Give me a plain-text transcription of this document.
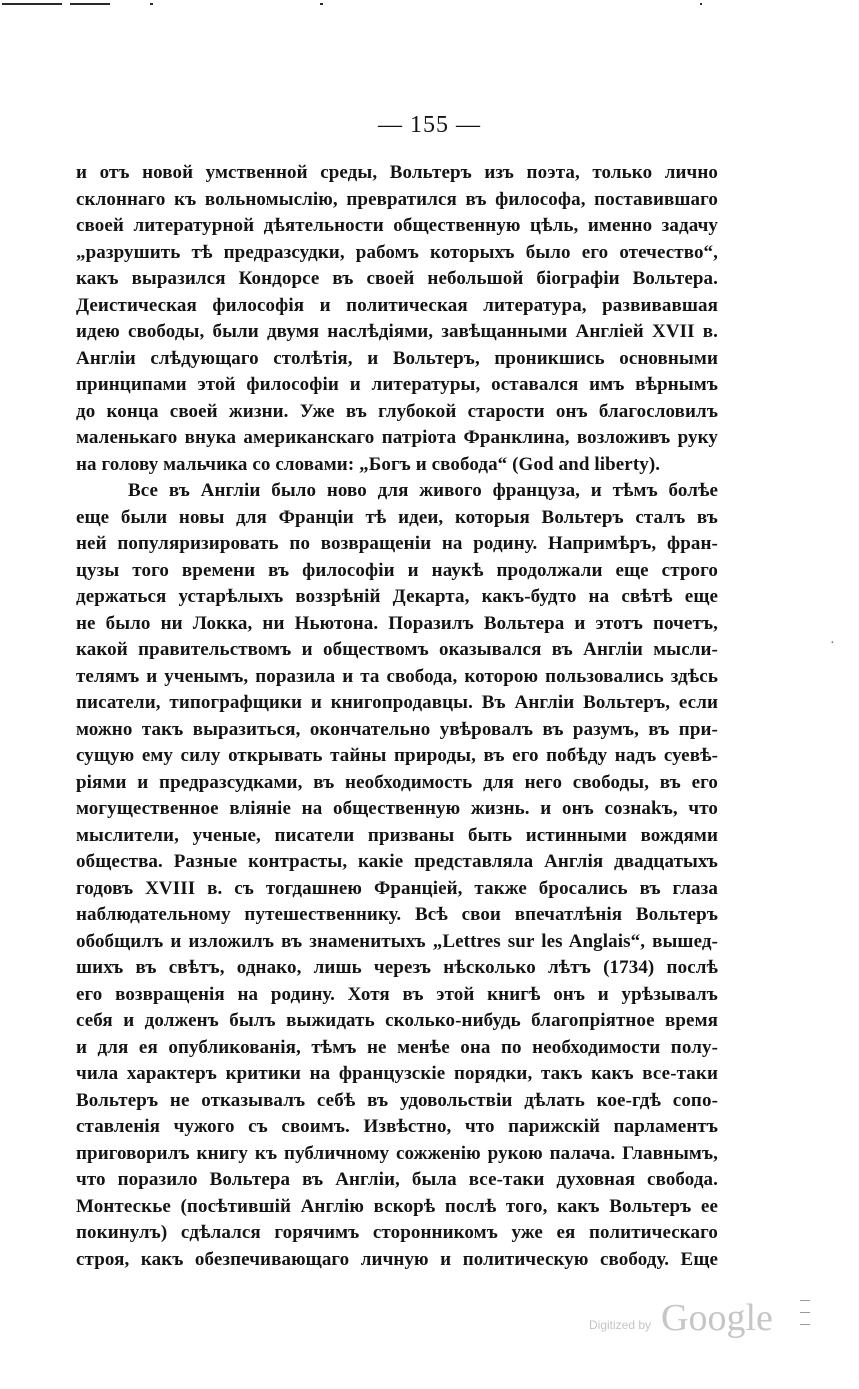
— 155 —
и отъ новой умственной среды, Вольтеръ изъ поэта, только лично
склоннаго къ вольномыслію, превратился въ философа, поставившаго
своей литературной дѣятельности общественную цѣль, именно задачу
„разрушить тѣ предразсудки, рабомъ которыхъ было его отечество“,
какъ выразился Кондорсе въ своей небольшой біографіи Вольтера.
Деистическая философія и политическая литература, развивавшая
идею свободы, были двумя наслѣдіями, завѣщанными Англіей XVII в.
Англіи слѣдующаго столѣтія, и Вольтеръ, проникшись основными
принципами этой философіи и литературы, оставался имъ вѣрнымъ
до конца своей жизни. Уже въ глубокой старости онъ благословилъ
маленькаго внука американскаго патріота Франклина, возложивъ руку
на голову мальчика со словами: „Богъ и свобода“ (God and liberty).
Все въ Англіи было ново для живого француза, и тѣмъ болѣе
еще были новы для Франціи тѣ идеи, которыя Вольтеръ сталъ въ
ней популяризировать по возвращеніи на родину. Напримѣръ, фран-
цузы того времени въ философіи и наукѣ продолжали еще строго
держаться устарѣлыхъ воззрѣній Декарта, какъ-будто на свѣтѣ еще
не было ни Локка, ни Ньютона. Поразилъ Вольтера и этотъ почетъ,
какой правительствомъ и обществомъ оказывался въ Англіи мысли-
телямъ и ученымъ, поразила и та свобода, которою пользовались здѣсь
писатели, типографщики и книгопродавцы. Въ Англіи Вольтеръ, если
можно такъ выразиться, окончательно увѣровалъ въ разумъ, въ при-
сущую ему силу открывать тайны природы, въ его побѣду надъ суевѣ-
ріями и предразсудками, въ необходимость для него свободы, въ его
могущественное вліяніе на общественную жизнь. и онъ сознаkъ, что
мыслители, ученые, писатели призваны быть истинными вождями
общества. Разные контрасты, какіе представляла Англія двадцатыхъ
годовъ XVIII в. съ тогдашнею Франціей, также бросались въ глаза
наблюдательному путешественнику. Всѣ свои впечатлѣнія Вольтеръ
обобщилъ и изложилъ въ знаменитыхъ „Lettres sur les Anglais“, вышед-
шихъ въ свѣтъ, однако, лишь черезъ нѣсколько лѣтъ (1734) послѣ
его возвращенія на родину. Хотя въ этой книгѣ онъ и урѣзывалъ
себя и долженъ былъ выжидать сколько-нибудь благопріятное время
и для ея опубликованія, тѣмъ не менѣе она по необходимости полу-
чила характеръ критики на французскіе порядки, такъ какъ все-таки
Вольтеръ не отказывалъ себѣ въ удовольствіи дѣлать кое-гдѣ сопо-
ставленія чужого съ своимъ. Извѣстно, что парижскій парламентъ
приговорилъ книгу къ публичному сожженію рукою палача. Главнымъ,
что поразило Вольтера въ Англіи, была все-таки духовная свобода.
Монтескье (посѣтившій Англію вскорѣ послѣ того, какъ Вольтеръ ее
покинулъ) сдѣлался горячимъ сторонникомъ уже ея политическаго
строя, какъ обезпечивающаго личную и политическую свободу. Еще
·
Digitized by Google
